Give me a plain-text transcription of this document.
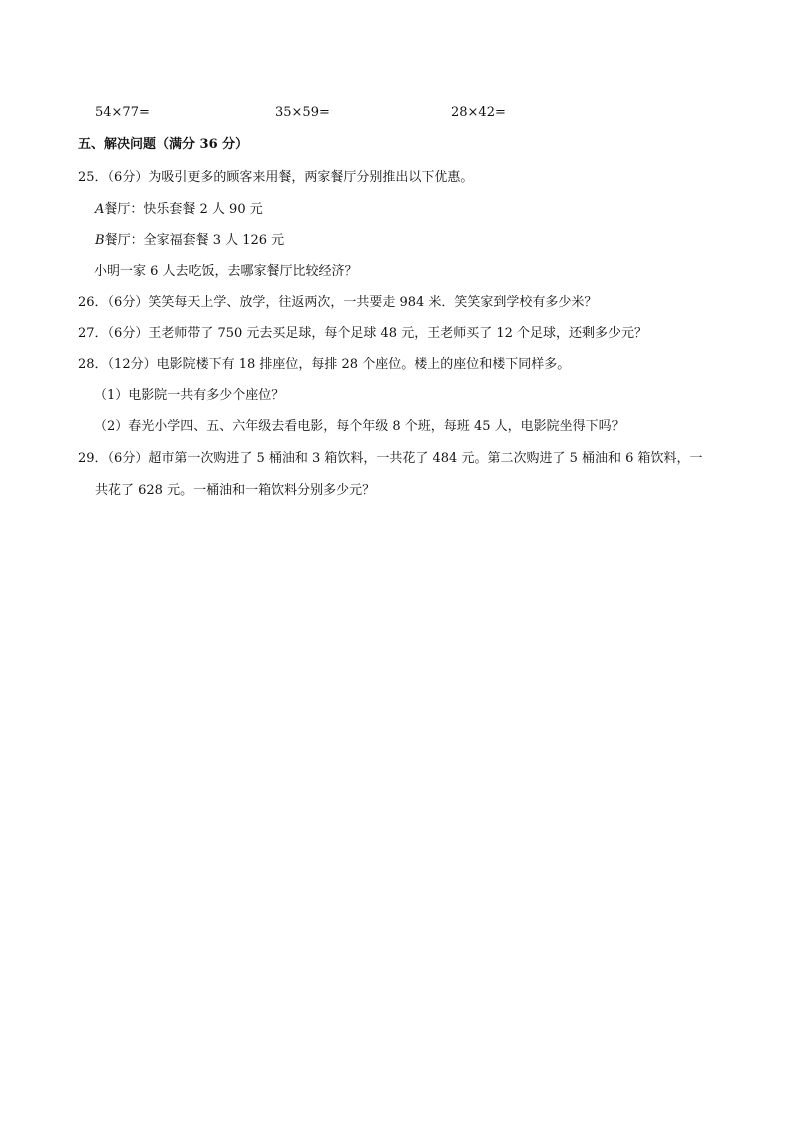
54×77=	35×59=	28×42=
五、解决问题（满分 36 分）
25．（6分）为吸引更多的顾客来用餐，两家餐厅分别推出以下优惠。
A餐厅：快乐套餐 2 人 90 元
B餐厅：全家福套餐 3 人 126 元
小明一家 6 人去吃饭，去哪家餐厅比较经济？
26．（6分）笑笑每天上学、放学，往返两次，一共要走 984 米．笑笑家到学校有多少米？
27．（6分）王老师带了 750 元去买足球，每个足球 48 元，王老师买了 12 个足球，还剩多少元？
28．（12分）电影院楼下有 18 排座位，每排 28 个座位。楼上的座位和楼下同样多。
（1）电影院一共有多少个座位？
（2）春光小学四、五、六年级去看电影，每个年级 8 个班，每班 45 人，电影院坐得下吗？
29．（6分）超市第一次购进了 5 桶油和 3 箱饮料，一共花了 484 元。第二次购进了 5 桶油和 6 箱饮料，一
共花了 628 元。一桶油和一箱饮料分别多少元？
